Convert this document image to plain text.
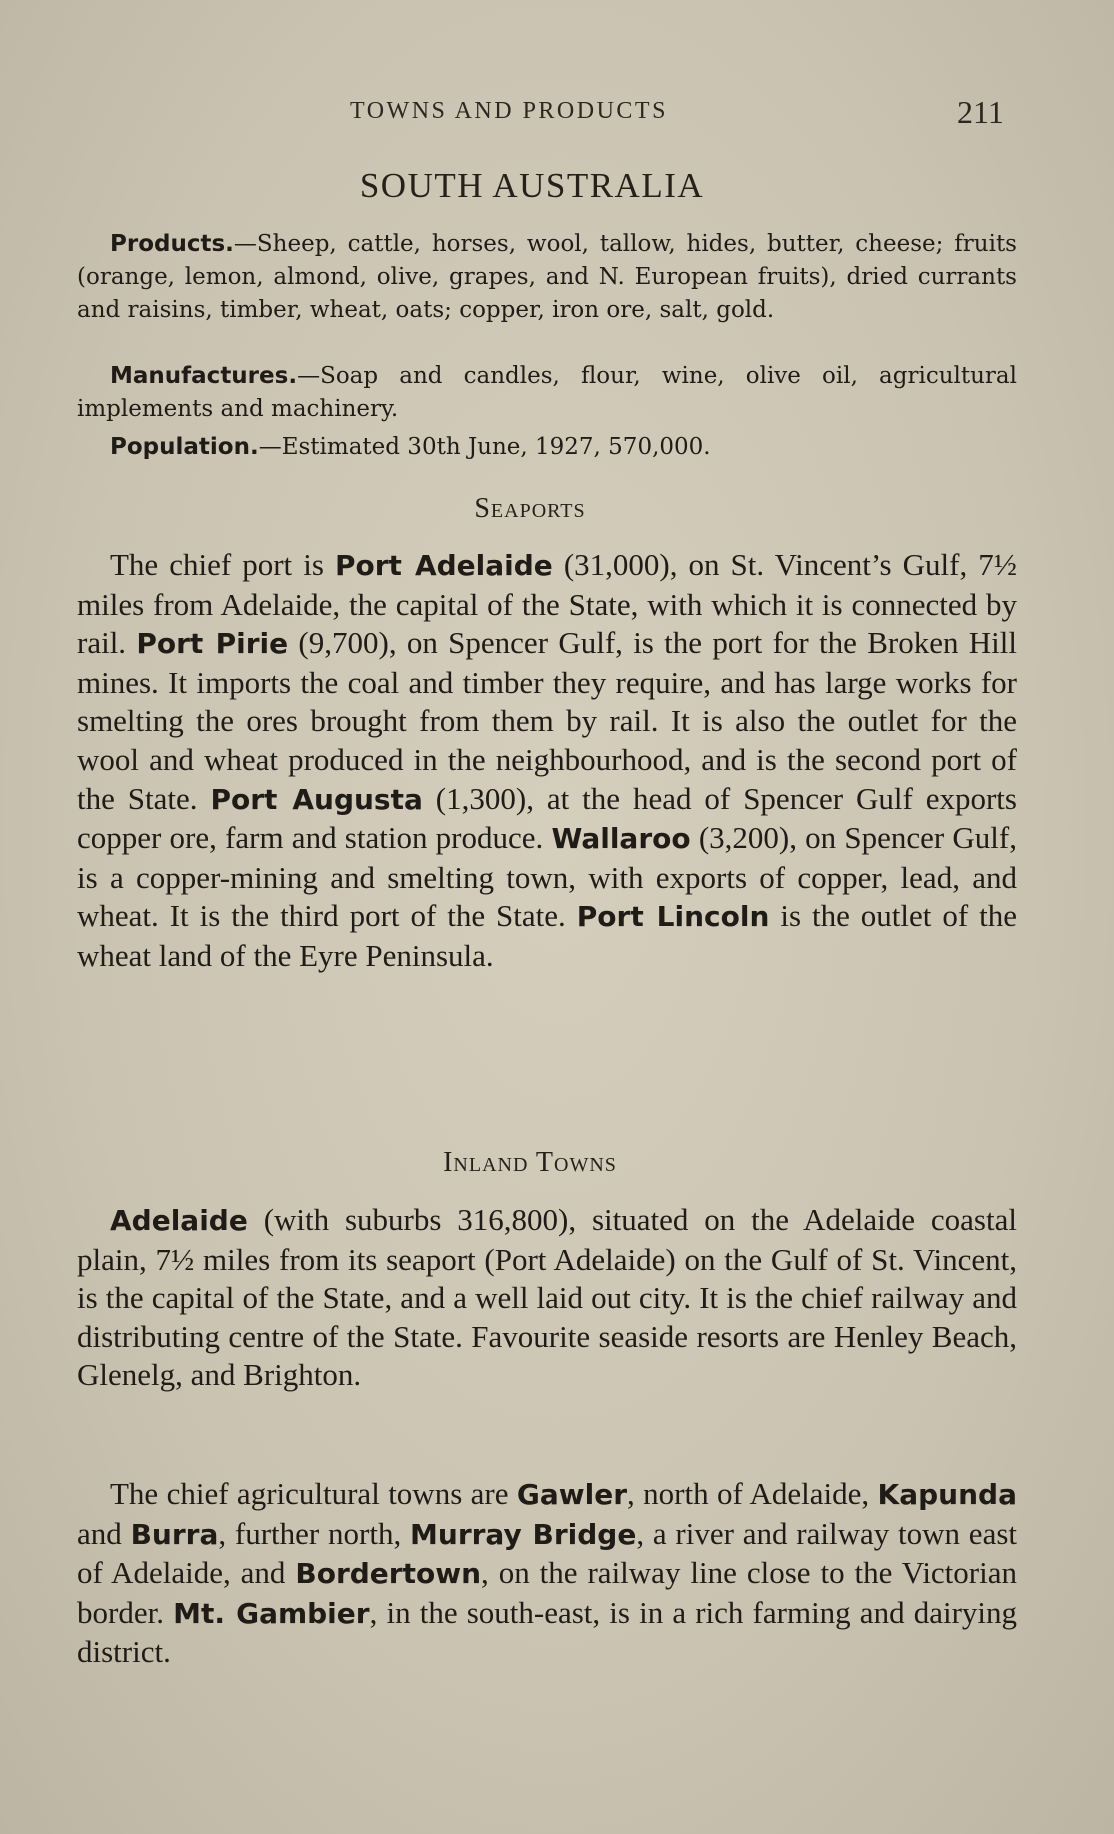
TOWNS AND PRODUCTS	211
SOUTH AUSTRALIA

Products.—Sheep, cattle, horses, wool, tallow, hides, butter, cheese; fruits (orange, lemon, almond, olive, grapes, and N. European fruits), dried currants and raisins, timber, wheat, oats; copper, iron ore, salt, gold.

Manufactures.—Soap and candles, flour, wine, olive oil, agricultural implements and machinery.

Population.—Estimated 30th June, 1927, 570,000.

Seaports

The chief port is Port Adelaide (31,000), on St. Vincent’s Gulf, 7½ miles from Adelaide, the capital of the State, with which it is connected by rail. Port Pirie (9,700), on Spencer Gulf, is the port for the Broken Hill mines. It imports the coal and timber they require, and has large works for smelting the ores brought from them by rail. It is also the outlet for the wool and wheat produced in the neighbourhood, and is the second port of the State. Port Augusta (1,300), at the head of Spencer Gulf exports copper ore, farm and station produce. Wallaroo (3,200), on Spencer Gulf, is a copper-mining and smelting town, with exports of copper, lead, and wheat. It is the third port of the State. Port Lincoln is the outlet of the wheat land of the Eyre Peninsula.

Inland Towns

Adelaide (with suburbs 316,800), situated on the Adelaide coastal plain, 7½ miles from its seaport (Port Adelaide) on the Gulf of St. Vincent, is the capital of the State, and a well laid out city. It is the chief railway and distributing centre of the State. Favourite seaside resorts are Henley Beach, Glenelg, and Brighton.

The chief agricultural towns are Gawler, north of Adelaide, Kapunda and Burra, further north, Murray Bridge, a river and railway town east of Adelaide, and Bordertown, on the railway line close to the Victorian border. Mt. Gambier, in the south-east, is in a rich farming and dairying district.
